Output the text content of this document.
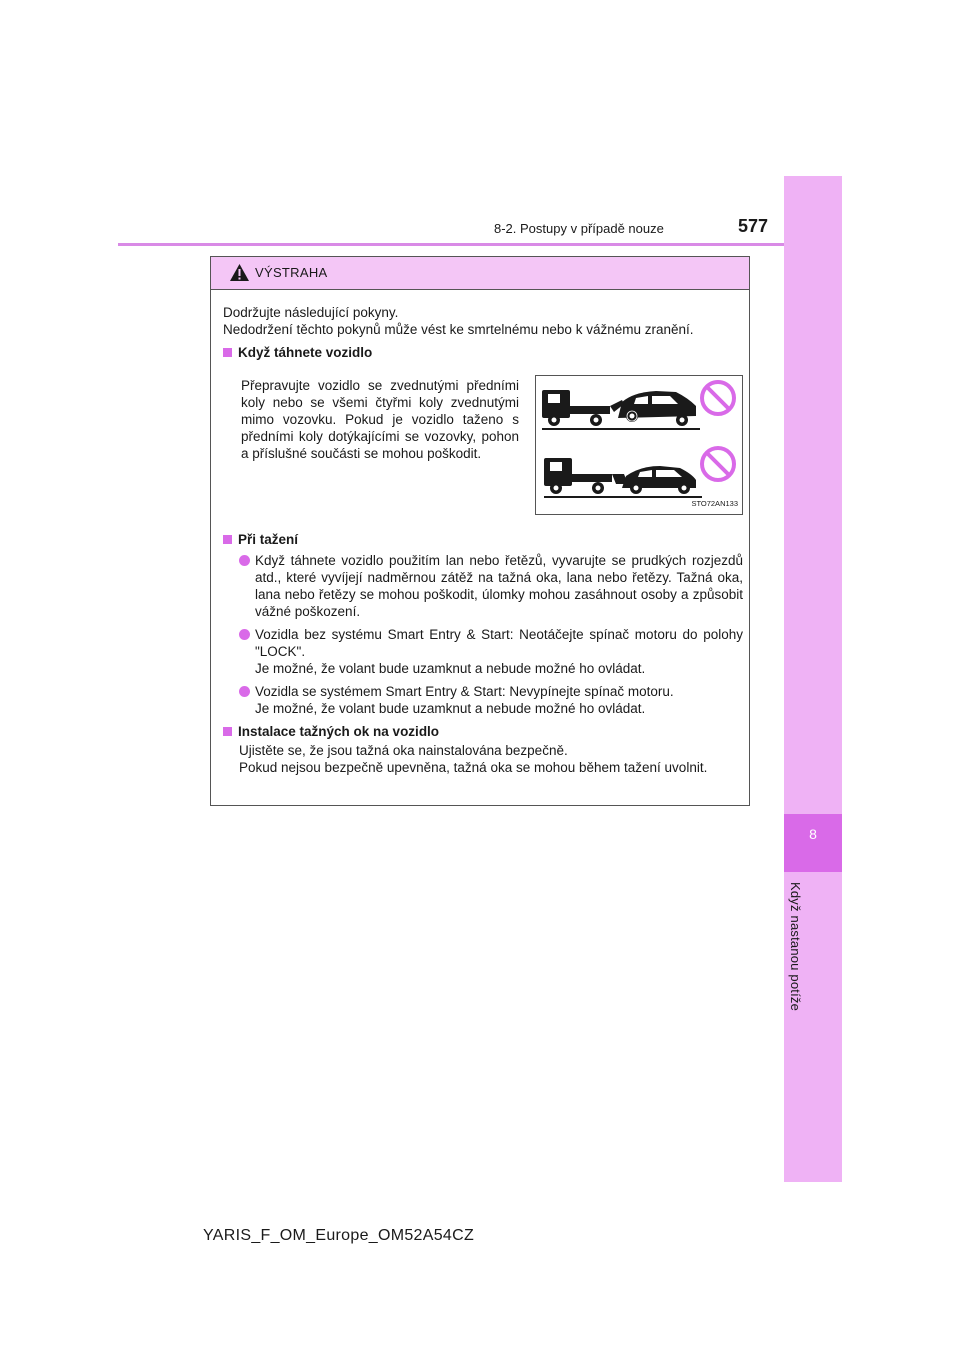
8
Když nastanou potíže
8-2. Postupy v případě nouze	577
VÝSTRAHA

Dodržujte následující pokyny.

Nedodržení těchto pokynů může vést ke smrtelnému nebo k vážnému zranění.

Když táhnete vozidlo
Přepravujte vozidlo se zvednutými předními koly nebo se všemi čtyřmi koly zvednutými mimo vozovku. Pokud je vozidlo taženo s předními koly dotýkajícími se vozovky, pohon a příslušné součásti se mohou poškodit.
STO72AN133
Při tažení
Když táhnete vozidlo použitím lan nebo řetězů, vyvarujte se prudkých rozjezdů atd., které vyvíjejí nadměrnou zátěž na tažná oka, lana nebo řetězy. Tažná oka, lana nebo řetězy se mohou poškodit, úlomky mohou zasáhnout osoby a způsobit vážné poškození.
Vozidla bez systému Smart Entry & Start: Neotáčejte spínač motoru do polohy "LOCK".
Je možné, že volant bude uzamknut a nebude možné ho ovládat.
Vozidla se systémem Smart Entry & Start: Nevypínejte spínač motoru.
Je možné, že volant bude uzamknut a nebude možné ho ovládat.
Instalace tažných ok na vozidlo
Ujistěte se, že jsou tažná oka nainstalována bezpečně.
Pokud nejsou bezpečně upevněna, tažná oka se mohou během tažení uvolnit.
YARIS_F_OM_Europe_OM52A54CZ
